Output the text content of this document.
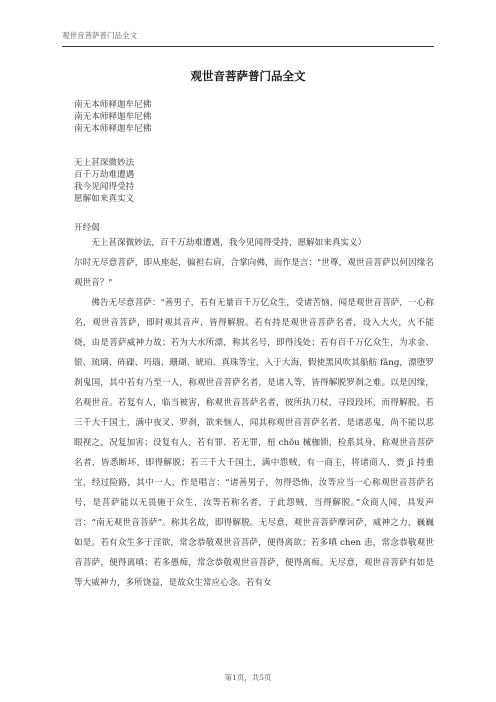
观世音菩萨普门品全文
观世音菩萨普门品全文
南无本师释迦牟尼佛
南无本师释迦牟尼佛
南无本师释迦牟尼佛
无上甚深微妙法
百千万劫难遭遇
我今见闻得受持
愿解如来真实义
开经偈

无上甚深微妙法，百千万劫难遭遇，我今见闻得受持，愿解如来真实义）

尔时无尽意菩萨，即从座起，偏袒右肩，合掌向佛，而作是言："世尊，观世音菩萨以何因缘名观世音？"

佛告无尽意菩萨："善男子，若有无量百千万亿众生，受诸苦恼，闻是观世音菩萨，一心称名，观世音菩萨，即时观其音声，皆得解脱。若有持是观世音菩萨名者，设入大火，火不能烧，由是菩萨威神力故；若为大水所漂，称其名号，即得浅处；若有百千万亿众生，为求金、银、琉璃、砗磲、玛瑙、珊瑚、琥珀、真珠等宝，入于大海，假使黑风吹其船舫 fǎng，漂堕罗刹鬼国，其中若有乃至一人，称观世音菩萨名者，是诸人等，皆得解脱罗刹之难。以是因缘，名观世音。若复有人，临当被害，称观世音菩萨名者，彼所执刀杖，寻段段坏，而得解脱。若三千大千国土，满中夜叉、罗刹，欲来恼人，闻其称观世音菩萨名者，是诸恶鬼，尚不能以恶眼视之，况复加害；设复有人，若有罪、若无罪，杻 chǒu 械枷锁，检系其身，称观世音菩萨名者，皆悉断坏，即得解脱；若三千大千国土，满中怨贼，有一商主，将诸商人，赍 jī 持重宝，经过险路，其中一人，作是唱言：“诸善男子，勿得恐怖，汝等应当一心称观世音菩萨名号，是菩萨能以无畏施于众生，汝等若称名者，于此怨贼，当得解脱。”众商人闻，具发声言：“南无观世音菩萨”。称其名故，即得解脱。无尽意，观世音菩萨摩诃萨，威神之力，巍巍如是。若有众生多于淫欲，常念恭敬观世音菩萨，便得离欲；若多嗔 chen 恚，常念恭敬观世音菩萨，便得离嗔；若多愚痴，常念恭敬观世音菩萨，便得离痴。无尽意，观世音菩萨有如是等大威神力，多所饶益，是故众生常应心念。若有女

第1页，共5页
